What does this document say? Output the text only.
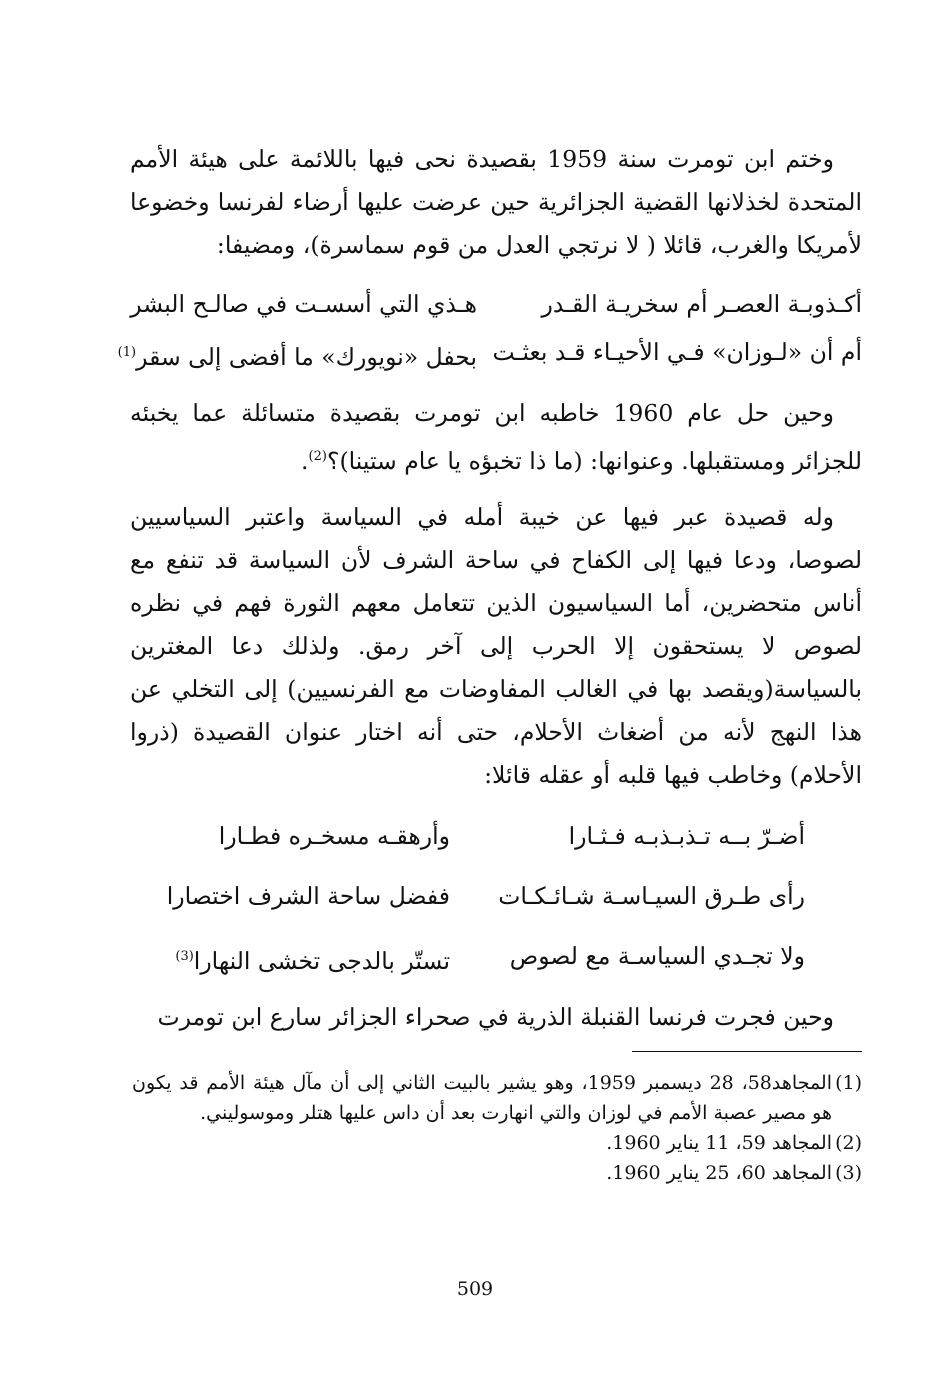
وختم ابن تومرت سنة 1959 بقصيدة نحى فيها باللائمة على هيئة الأمم المتحدة لخذلانها القضية الجزائرية حين عرضت عليها أرضاء لفرنسا وخضوعا لأمريكا والغرب، قائلا ( لا نرتجي العدل من قوم سماسرة)، ومضيفا:

أكـذوبـة العصـر أم سخريـة القـدر
هـذي التي أسسـت في صالـح البشر
أم أن «لـوزان» فـي الأحيـاء قـد بعثـت
بحفل «نويورك» ما أفضى إلى سقر$^{(1)}$

وحين حل عام 1960 خاطبه ابن تومرت بقصيدة متسائلة عما يخبئه للجزائر ومستقبلها. وعنوانها: (ما ذا تخبؤه يا عام ستينا)؟$^{(2)}$.

وله قصيدة عبر فيها عن خيبة أمله في السياسة واعتبر السياسيين لصوصا، ودعا فيها إلى الكفاح في ساحة الشرف لأن السياسة قد تنفع مع أناس متحضرين، أما السياسيون الذين تتعامل معهم الثورة فهم في نظره لصوص لا يستحقون إلا الحرب إلى آخر رمق. ولذلك دعا المغترين بالسياسة(ويقصد بها في الغالب المفاوضات مع الفرنسيين) إلى التخلي عن هذا النهج لأنه من أضغاث الأحلام، حتى أنه اختار عنوان القصيدة (ذروا الأحلام) وخاطب فيها قلبه أو عقله قائلا:

أضـرّ بــه تـذبـذبـه فـثـارا
وأرهقـه مسخـره فطـارا
رأى طـرق السيـاسـة شـائـكـات
ففضل ساحة الشرف اختصارا
ولا تجـدي السياسـة مع لصوص
تستّر بالدجى تخشى النهارا$^{(3)}$

وحين فجرت فرنسا القنبلة الذرية في صحراء الجزائر سارع ابن تومرت

(1)
المجاهد58، 28 ديسمبر 1959، وهو يشير بالبيت الثاني إلى أن مآل هيئة الأمم قد يكون هو مصير عصبة الأمم في لوزان والتي انهارت بعد أن داس عليها هتلر وموسوليني.
(2)
المجاهد 59، 11 يناير 1960.
(3)
المجاهد 60، 25 يناير 1960.
509
